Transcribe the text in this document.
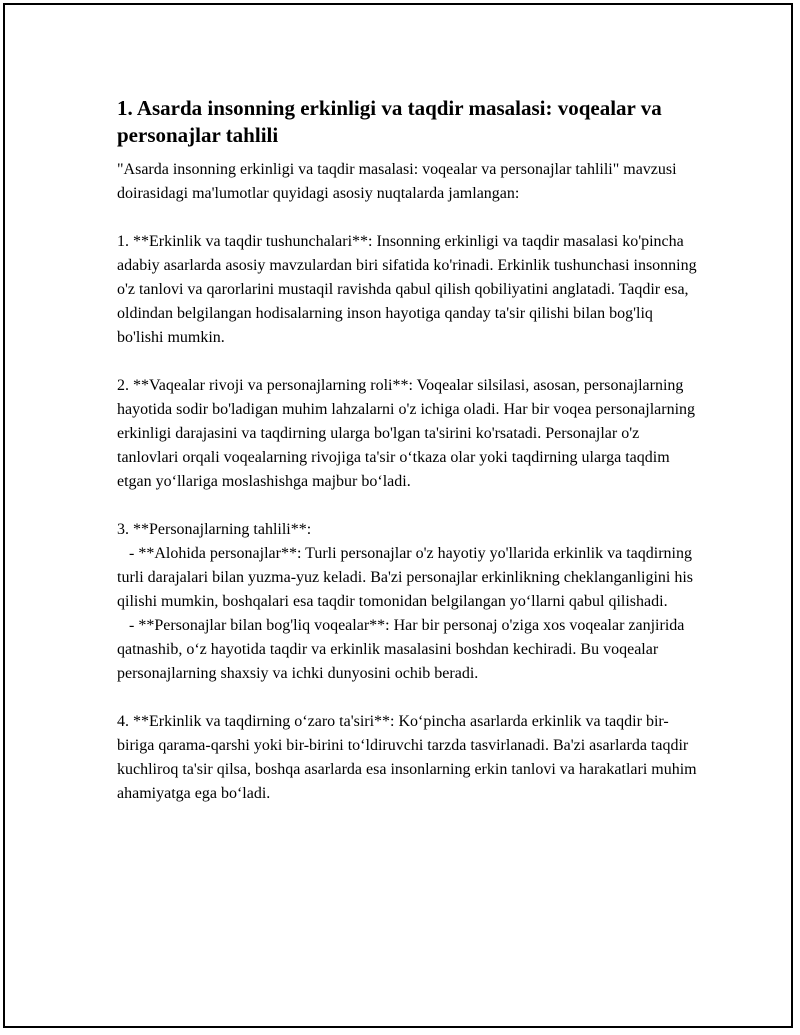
1. Asarda insonning erkinligi va taqdir masalasi: voqealar va personajlar tahlili
"Asarda insonning erkinligi va taqdir masalasi: voqealar va personajlar tahlili" mavzusi doirasidagi ma'lumotlar quyidagi asosiy nuqtalarda jamlangan:

1. **Erkinlik va taqdir tushunchalari**: Insonning erkinligi va taqdir masalasi ko'pincha adabiy asarlarda asosiy mavzulardan biri sifatida ko'rinadi. Erkinlik tushunchasi insonning o'z tanlovi va qarorlarini mustaqil ravishda qabul qilish qobiliyatini anglatadi. Taqdir esa, oldindan belgilangan hodisalarning inson hayotiga qanday ta'sir qilishi bilan bog'liq bo'lishi mumkin.

2. **Vaqealar rivoji va personajlarning roli**: Voqealar silsilasi, asosan, personajlarning hayotida sodir bo'ladigan muhim lahzalarni o'z ichiga oladi. Har bir voqea personajlarning erkinligi darajasini va taqdirning ularga bo'lgan ta'sirini ko'rsatadi. Personajlar o'z tanlovlari orqali voqealarning rivojiga ta'sir o‘tkaza olar yoki taqdirning ularga taqdim etgan yo‘llariga moslashishga majbur bo‘ladi.

3. **Personajlarning tahlili**:
- **Alohida personajlar**: Turli personajlar o'z hayotiy yo'llarida erkinlik va taqdirning turli darajalari bilan yuzma-yuz keladi. Ba'zi personajlar erkinlikning cheklanganligini his qilishi mumkin, boshqalari esa taqdir tomonidan belgilangan yo‘llarni qabul qilishadi.
- **Personajlar bilan bog'liq voqealar**: Har bir personaj o'ziga xos voqealar zanjirida qatnashib, o‘z hayotida taqdir va erkinlik masalasini boshdan kechiradi. Bu voqealar personajlarning shaxsiy va ichki dunyosini ochib beradi.

4. **Erkinlik va taqdirning o‘zaro ta'siri**: Ko‘pincha asarlarda erkinlik va taqdir bir-biriga qarama-qarshi yoki bir-birini to‘ldiruvchi tarzda tasvirlanadi. Ba'zi asarlarda taqdir kuchliroq ta'sir qilsa, boshqa asarlarda esa insonlarning erkin tanlovi va harakatlari muhim ahamiyatga ega bo‘ladi.
